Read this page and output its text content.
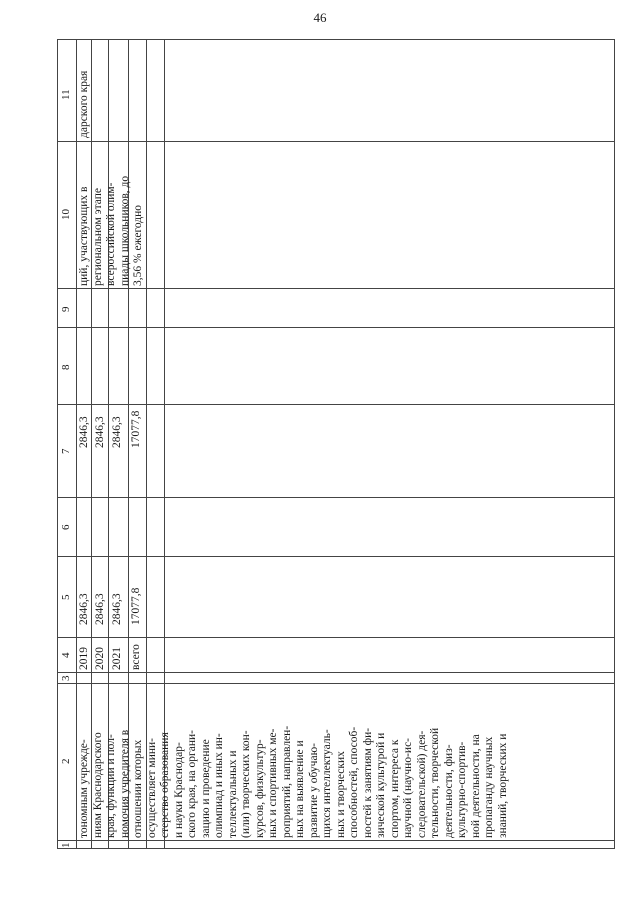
46
11
10
9
8
7
6
5
4
3
2
1
тономным учрежде-
ниям Краснодарского
края, функции и пол-
номочия учредителя в
отношении которых
осуществляет мини-
стерство образования
и науки Краснодар-
ского края, на органи-
зацию и проведение
олимпиад и иных ин-
теллектуальных и
(или) творческих кон-
курсов, физкультур-
ных и спортивных ме-
роприятий, направлен-
ных на выявление и
развитие у обучаю-
щихся интеллектуаль-
ных и творческих
способностей, способ-
ностей к занятиям фи-
зической культурой и
спортом, интереса к
научной (научно-ис-
следовательской) дея-
тельности, творческой
деятельности, физ-
культурно-спортив-
ной деятельности, на
пропаганду научных
знаний, творческих и
2019 2020 2021 всего
2846,3 2846,3 2846,3 17077,8
2846,3 2846,3 2846,3 17077,8
ций, участвующих в
региональном этапе
всероссийской олим-
пиады школьников, до
3,56 % ежегодно
дарского края
